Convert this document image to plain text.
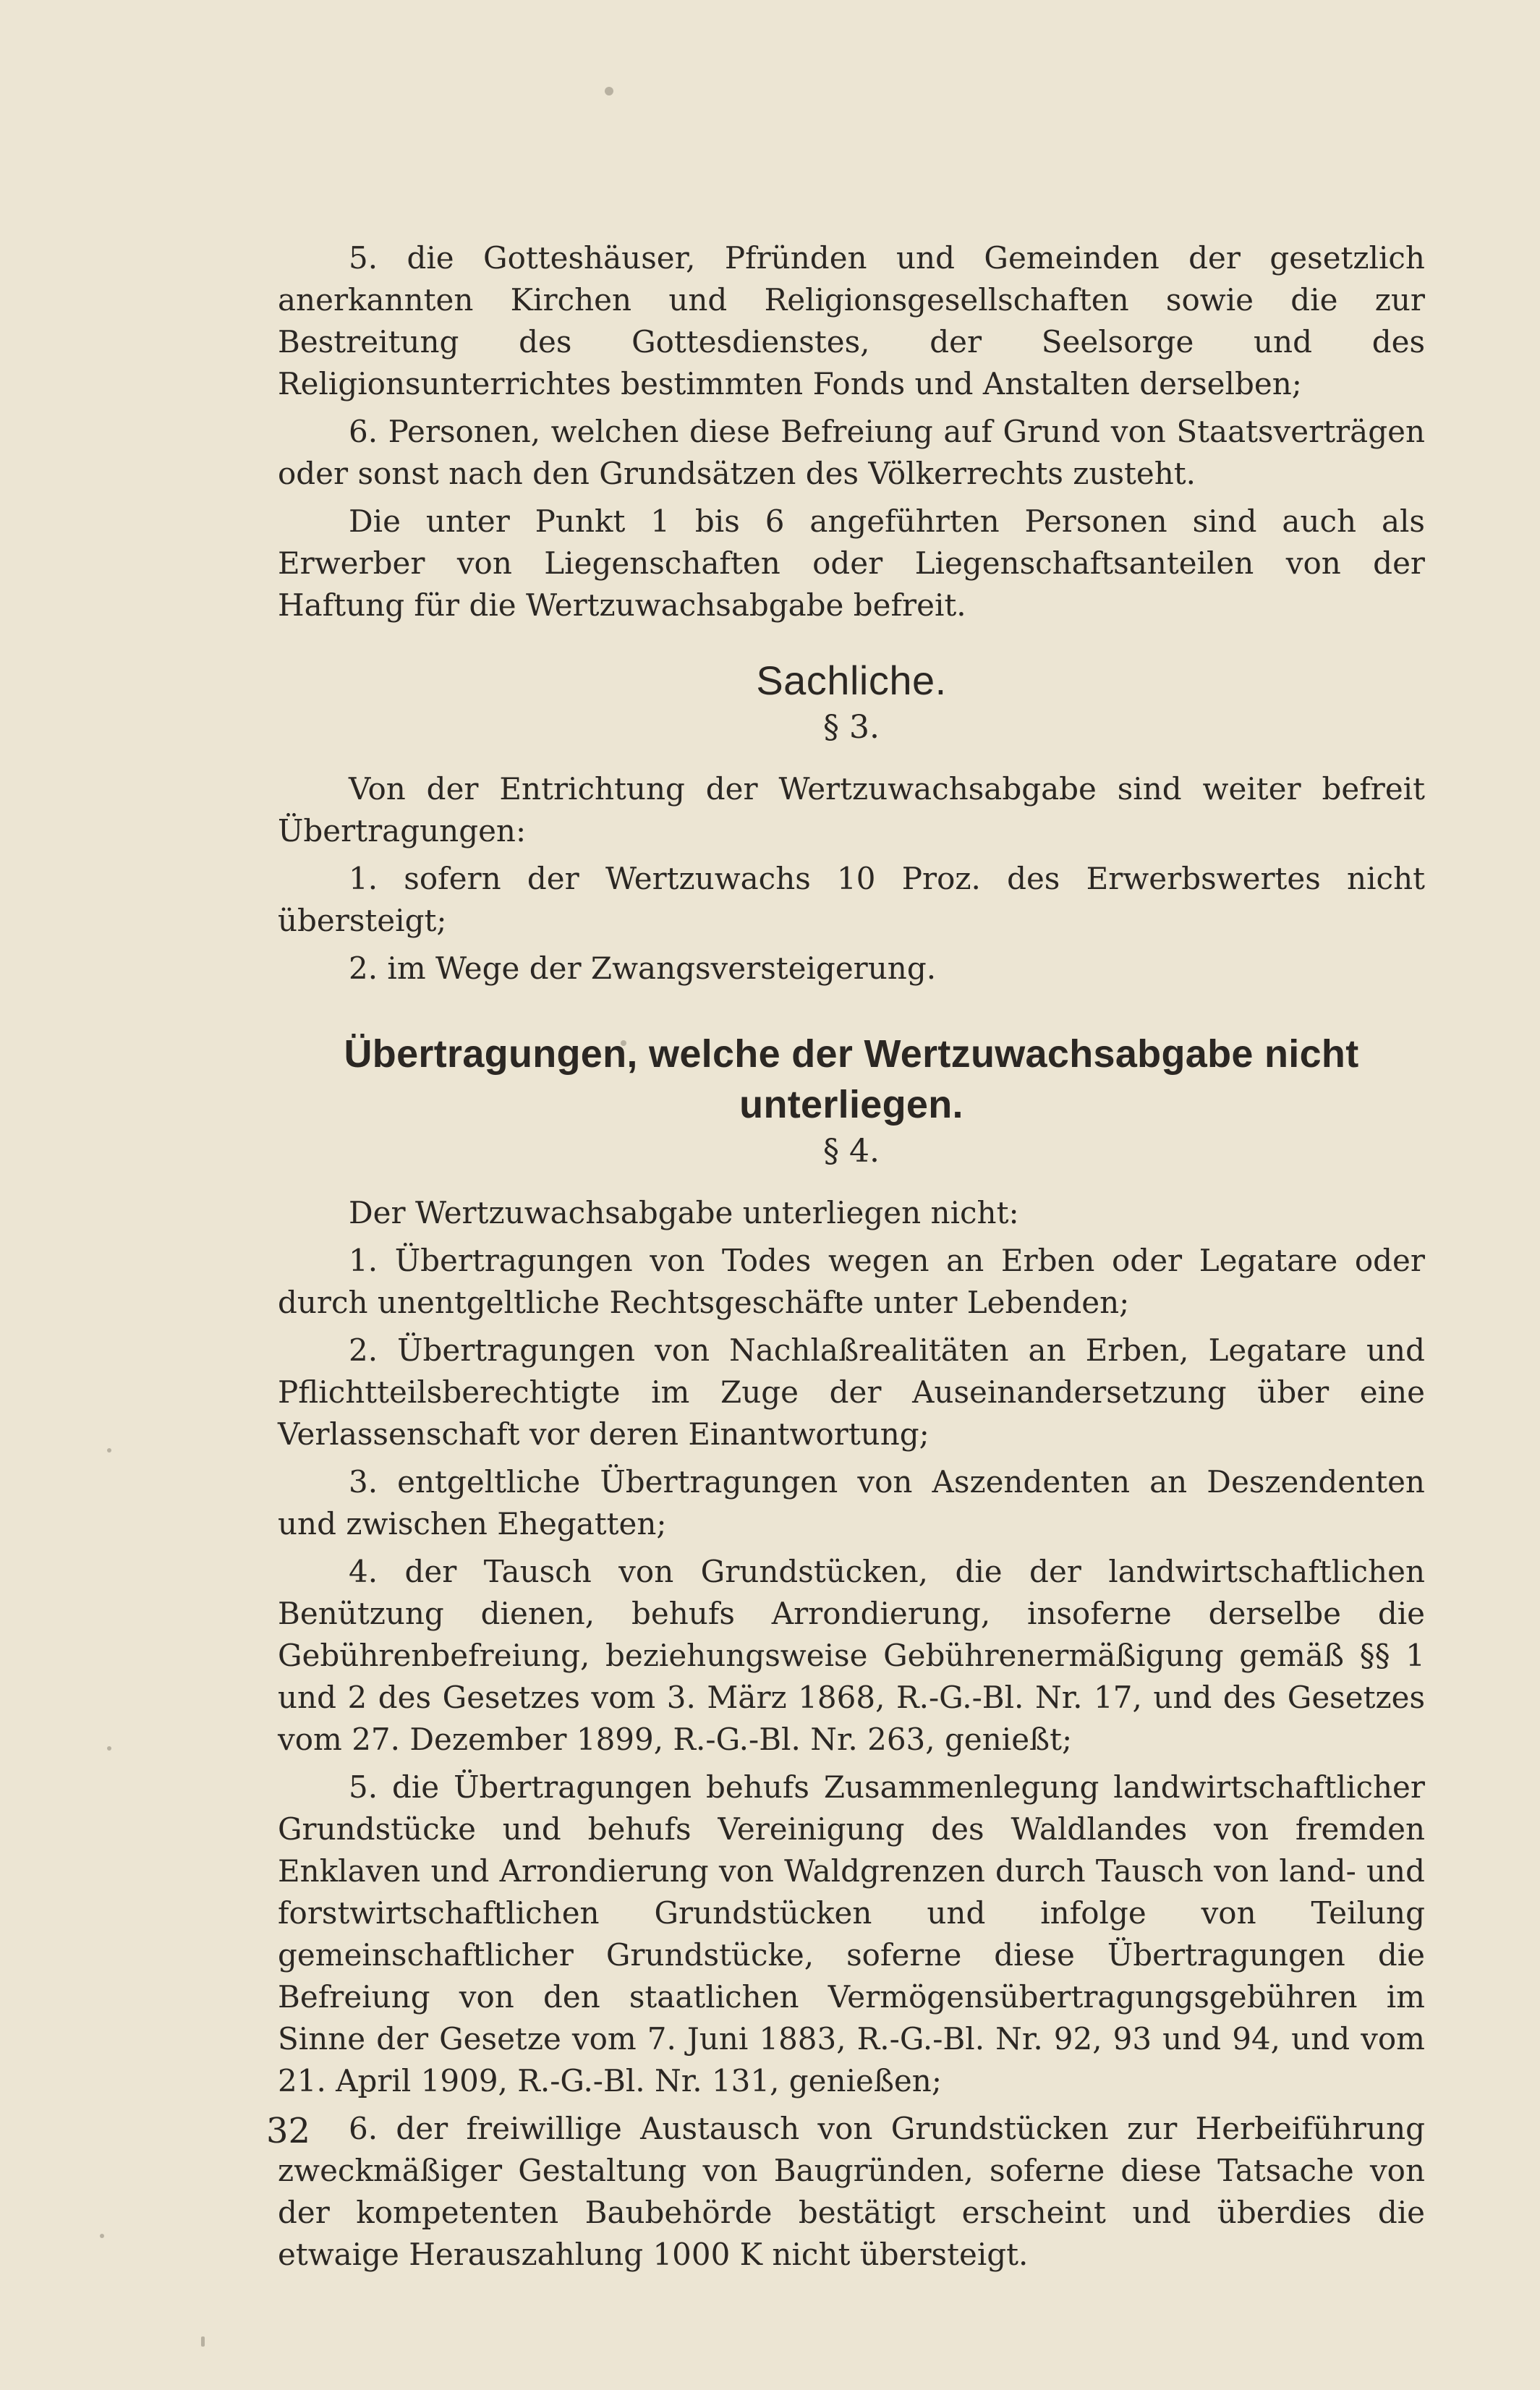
5. die Gotteshäuser, Pfründen und Gemeinden der gesetzlich anerkannten Kirchen und Religionsgesellschaften sowie die zur Bestreitung des Gottesdienstes, der Seelsorge und des Religionsunterrichtes bestimmten Fonds und Anstalten derselben;

6. Personen, welchen diese Befreiung auf Grund von Staatsverträgen oder sonst nach den Grundsätzen des Völkerrechts zusteht.

Die unter Punkt 1 bis 6 angeführten Personen sind auch als Erwerber von Liegenschaften oder Liegenschaftsanteilen von der Haftung für die Wertzuwachsabgabe befreit.

Sachliche.
§ 3.

Von der Entrichtung der Wertzuwachsabgabe sind weiter befreit Übertragungen:

1. sofern der Wertzuwachs 10 Proz. des Erwerbswertes nicht übersteigt;

2. im Wege der Zwangsversteigerung.

Übertragungen, welche der Wertzuwachsabgabe nicht unterliegen.
§ 4.

Der Wertzuwachsabgabe unterliegen nicht:

1. Übertragungen von Todes wegen an Erben oder Legatare oder durch unentgeltliche Rechtsgeschäfte unter Lebenden;

2. Übertragungen von Nachlaßrealitäten an Erben, Legatare und Pflichtteilsberechtigte im Zuge der Auseinandersetzung über eine Verlassenschaft vor deren Einantwortung;

3. entgeltliche Übertragungen von Aszendenten an Deszendenten und zwischen Ehegatten;

4. der Tausch von Grundstücken, die der landwirtschaftlichen Benützung dienen, behufs Arrondierung, insoferne derselbe die Gebührenbefreiung, beziehungsweise Gebührenermäßigung gemäß §§ 1 und 2 des Gesetzes vom 3. März 1868, R.-G.-Bl. Nr. 17, und des Gesetzes vom 27. Dezember 1899, R.-G.-Bl. Nr. 263, genießt;

5. die Übertragungen behufs Zusammenlegung landwirtschaftlicher Grundstücke und behufs Vereinigung des Waldlandes von fremden Enklaven und Arrondierung von Waldgrenzen durch Tausch von land- und forstwirtschaftlichen Grundstücken und infolge von Teilung gemeinschaftlicher Grundstücke, soferne diese Übertragungen die Befreiung von den staatlichen Vermögensübertragungsgebühren im Sinne der Gesetze vom 7. Juni 1883, R.-G.-Bl. Nr. 92, 93 und 94, und vom 21. April 1909, R.-G.-Bl. Nr. 131, genießen;

6. der freiwillige Austausch von Grundstücken zur Herbeiführung zweckmäßiger Gestaltung von Baugründen, soferne diese Tatsache von der kompetenten Baubehörde bestätigt erscheint und überdies die etwaige Herauszahlung 1000 K nicht übersteigt.

32
